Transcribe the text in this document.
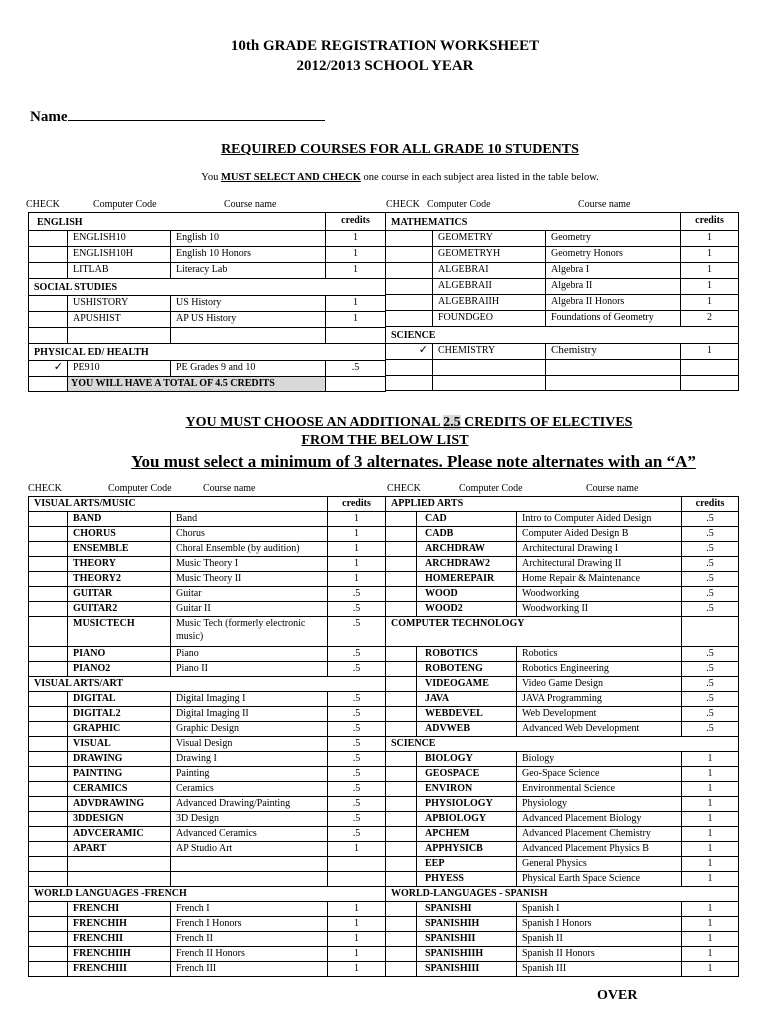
10th GRADE REGISTRATION WORKSHEET
2012/2013 SCHOOL YEAR
Name
REQUIRED COURSES FOR ALL GRADE 10 STUDENTS
You MUST SELECT AND CHECK one course in each subject area listed in the table below.
CHECK	Computer Code	Course name	CHECK Computer Code	Course name
ENGLISH			credits
	ENGLISH10	English 10	1
	ENGLISH10H	English 10 Honors	1
	LITLAB	Literacy Lab	1
SOCIAL STUDIES			
	USHISTORY	US History	1
	APUSHIST	AP US History	1

PHYSICAL ED/ HEALTH			
✓	PE910	PE Grades 9 and 10	.5
	YOU WILL HAVE A TOTAL OF 4.5 CREDITS		
MATHEMATICS			credits
	GEOMETRY	Geometry	1
	GEOMETRYH	Geometry Honors	1
	ALGEBRAI	Algebra I	1
	ALGEBRAII	Algebra II	1
	ALGEBRAIIH	Algebra II Honors	1
	FOUNDGEO	Foundations of Geometry	2
SCIENCE			
✓	CHEMISTRY	Chemistry	1

YOU MUST CHOOSE AN ADDITIONAL 2.5 CREDITS OF ELECTIVES
FROM THE BELOW LIST
You must select a minimum of 3 alternates. Please note alternates with an “A”
CHECK	Computer Code	Course name	CHECK	Computer Code	Course name
VISUAL ARTS/MUSIC			credits
	BAND	Band	1
	CHORUS	Chorus	1
	ENSEMBLE	Choral Ensemble (by audition)	1
	THEORY	Music Theory I	1
	THEORY2	Music Theory II	1
	GUITAR	Guitar	.5
	GUITAR2	Guitar II	.5
	MUSICTECH	Music Tech (formerly electronic music)	.5
	PIANO	Piano	.5
	PIANO2	Piano II	.5
VISUAL ARTS/ART			
	DIGITAL	Digital Imaging I	.5
	DIGITAL2	Digital Imaging II	.5
	GRAPHIC	Graphic Design	.5
	VISUAL	Visual Design	.5
	DRAWING	Drawing I	.5
	PAINTING	Painting	.5
	CERAMICS	Ceramics	.5
	ADVDRAWING	Advanced Drawing/Painting	.5
	3DDESIGN	3D Design	.5
	ADVCERAMIC	Advanced Ceramics	.5
	APART	AP Studio Art	1

WORLD LANGUAGES -FRENCH			
	FRENCHI	French I	1
	FRENCHIH	French I Honors	1
	FRENCHII	French II	1
	FRENCHIIH	French II Honors	1
	FRENCHIII	French III	1
APPLIED ARTS			credits
	CAD	Intro to Computer Aided Design	.5
	CADB	Computer Aided Design B	.5
	ARCHDRAW	Architectural Drawing I	.5
	ARCHDRAW2	Architectural Drawing II	.5
	HOMEREPAIR	Home Repair & Maintenance	.5
	WOOD	Woodworking	.5
	WOOD2	Woodworking II	.5
COMPUTER TECHNOLOGY			
	ROBOTICS	Robotics	.5
	ROBOTENG	Robotics Engineering	.5
	VIDEOGAME	Video Game Design	.5
	JAVA	JAVA Programming	.5
	WEBDEVEL	Web Development	.5
	ADVWEB	Advanced Web Development	.5
SCIENCE			
	BIOLOGY	Biology	1
	GEOSPACE	Geo-Space Science	1
	ENVIRON	Environmental Science	1
	PHYSIOLOGY	Physiology	1
	APBIOLOGY	Advanced Placement Biology	1
	APCHEM	Advanced Placement Chemistry	1
	APPHYSICB	Advanced Placement Physics B	1
	EEP	General Physics	1
	PHYESS	Physical Earth Space Science	1
WORLD-LANGUAGES - SPANISH			
	SPANISHI	Spanish I	1
	SPANISHIH	Spanish I Honors	1
	SPANISHII	Spanish II	1
	SPANISHIIH	Spanish II Honors	1
	SPANISHIII	Spanish III	1
OVER
